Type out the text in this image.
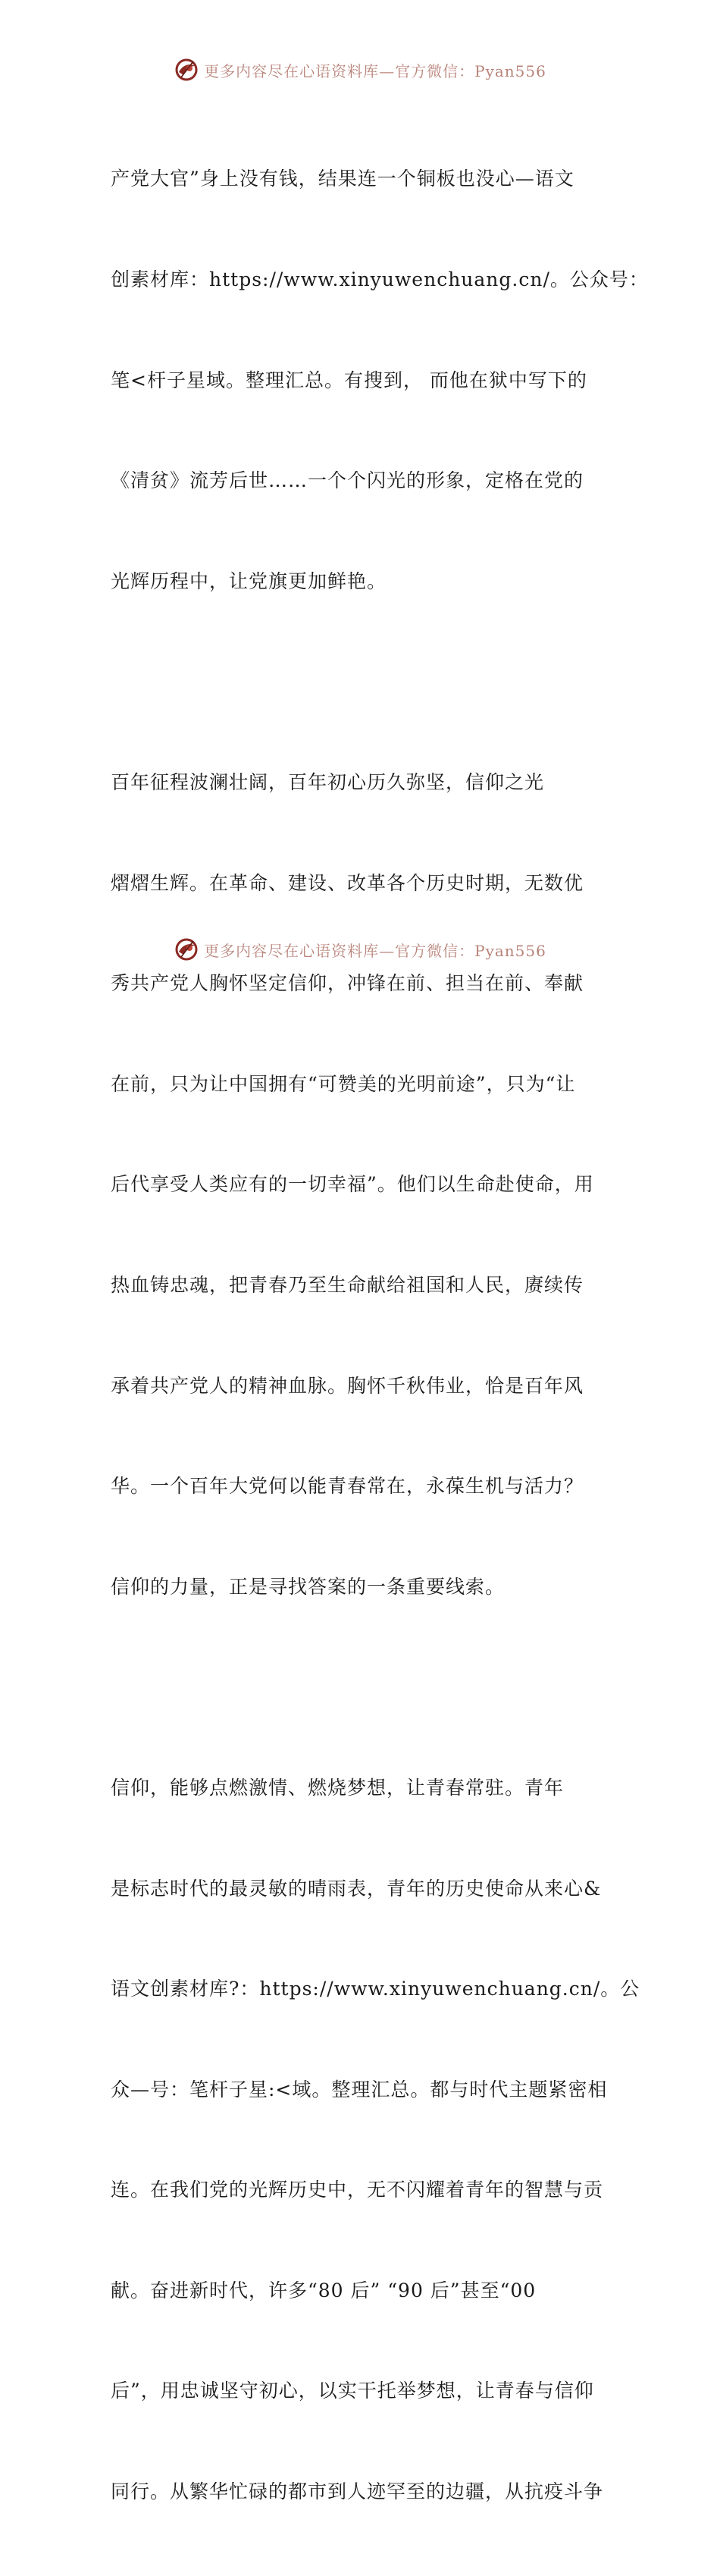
更多内容尽在心语资料库—官方微信：Pyan556

产党大官”身上没有钱，结果连一个铜板也没心—语文

创素材库：https://www.xinyuwenchuang.cn/。公众号：

笔<杆子星域。整理汇总。有搜到， 而他在狱中写下的

《清贫》流芳后世……一个个闪光的形象，定格在党的

光辉历程中，让党旗更加鲜艳。

百年征程波澜壮阔，百年初心历久弥坚，信仰之光

熠熠生辉。在革命、建设、改革各个历史时期，无数优

秀共产党人胸怀坚定信仰，冲锋在前、担当在前、奉献

在前，只为让中国拥有“可赞美的光明前途”，只为“让

后代享受人类应有的一切幸福”。他们以生命赴使命，用

热血铸忠魂，把青春乃至生命献给祖国和人民，赓续传

承着共产党人的精神血脉。胸怀千秋伟业，恰是百年风

华。一个百年大党何以能青春常在，永葆生机与活力？

信仰的力量，正是寻找答案的一条重要线索。

信仰，能够点燃激情、燃烧梦想，让青春常驻。青年

是标志时代的最灵敏的晴雨表，青年的历史使命从来心&

语文创素材库?：https://www.xinyuwenchuang.cn/。公

众—号：笔杆子星:<域。整理汇总。都与时代主题紧密相

连。在我们党的光辉历史中，无不闪耀着青年的智慧与贡

献。奋进新时代，许多“80 后” “90 后”甚至“00

后”，用忠诚坚守初心，以实干托举梦想，让青春与信仰

同行。从繁华忙碌的都市到人迹罕至的边疆，从抗疫斗争

更多内容尽在心语资料库—官方微信：Pyan556
